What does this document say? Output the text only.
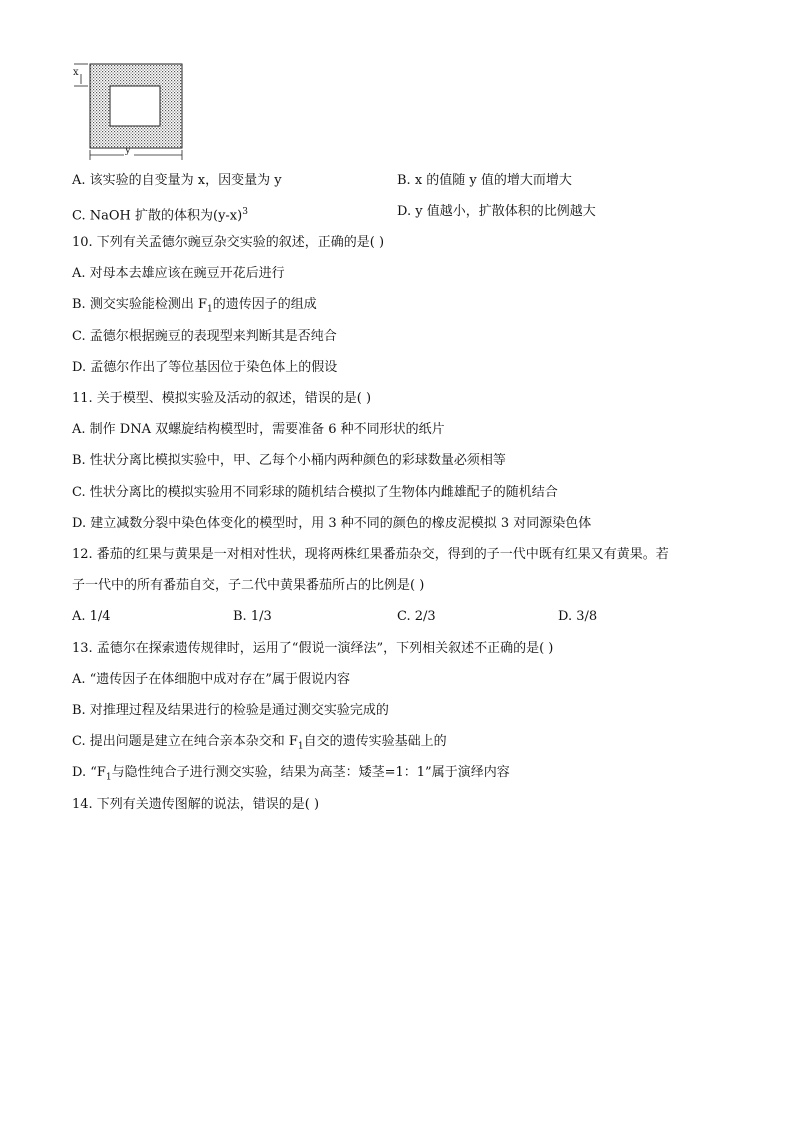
x
y
A. 该实验的自变量为 x，因变量为 y	B. x 的值随 y 值的增大而增大
C. NaOH 扩散的体积为$(y-x)^3$	D. y 值越小，扩散体积的比例越大
10. 下列有关孟德尔豌豆杂交实验的叙述，正确的是( )
A. 对母本去雄应该在豌豆开花后进行
B. 测交实验能检测出 $F_1$的遗传因子的组成
C. 孟德尔根据豌豆的表现型来判断其是否纯合
D. 孟德尔作出了等位基因位于染色体上的假设
11. 关于模型、模拟实验及活动的叙述，错误的是( )
A. 制作 DNA 双螺旋结构模型时，需要准备 6 种不同形状的纸片
B. 性状分离比模拟实验中，甲、乙每个小桶内两种颜色的彩球数量必须相等
C. 性状分离比的模拟实验用不同彩球的随机结合模拟了生物体内雌雄配子的随机结合
D. 建立减数分裂中染色体变化的模型时，用 3 种不同的颜色的橡皮泥模拟 3 对同源染色体
12. 番茄的红果与黄果是一对相对性状，现将两株红果番茄杂交，得到的子一代中既有红果又有黄果。若
子一代中的所有番茄自交，子二代中黄果番茄所占的比例是( )
A. 1/4	B. 1/3	C. 2/3	D. 3/8
13. 孟德尔在探索遗传规律时，运用了“假说一演绎法”，下列相关叙述不正确的是( )
A. “遗传因子在体细胞中成对存在”属于假说内容
B. 对推理过程及结果进行的检验是通过测交实验完成的
C. 提出问题是建立在纯合亲本杂交和 $F_1$自交的遗传实验基础上的
D. “$F_1$与隐性纯合子进行测交实验，结果为高茎：矮茎=1：1”属于演绎内容
14. 下列有关遗传图解的说法，错误的是( )
